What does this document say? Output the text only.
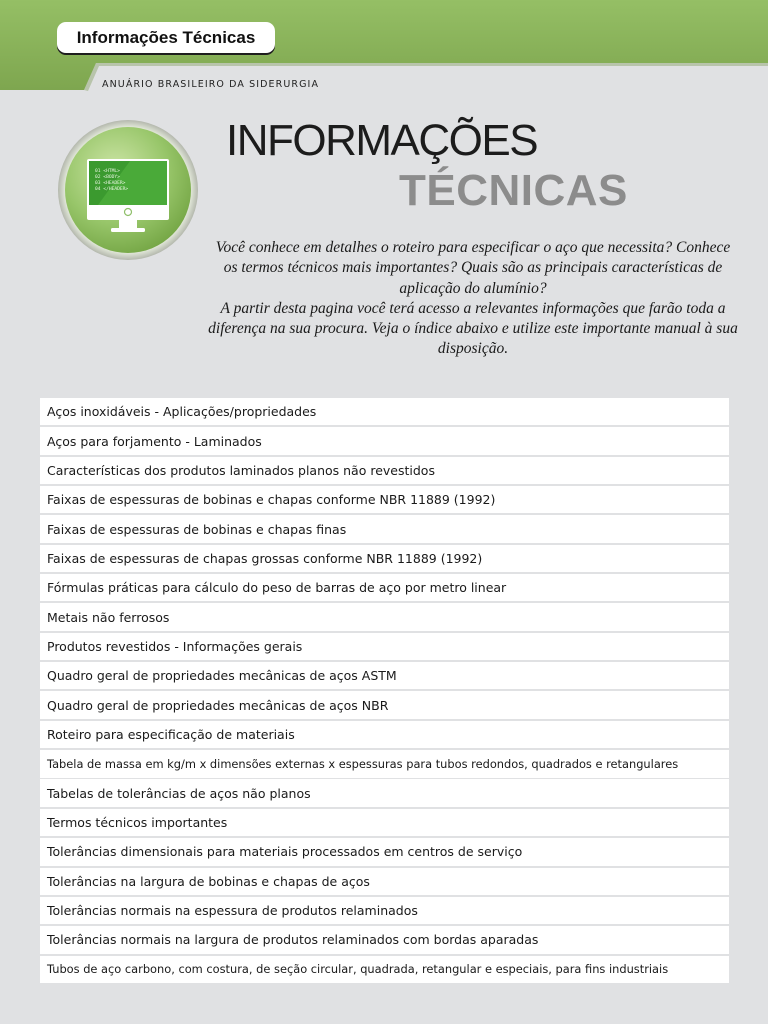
Informações Técnicas
ANUÁRIO BRASILEIRO DA SIDERURGIA
01 <HTML>
02 <BODY>
03 <HEADER>
04 </HEADER>
INFORMAÇÕES
TÉCNICAS

Você conhece em detalhes o roteiro para especificar o aço que necessita? Conhece os termos técnicos mais importantes? Quais são as principais características de aplicação do alumínio?

A partir desta pagina você terá acesso a relevantes informações que farão toda a diferença na sua procura. Veja o índice abaixo e utilize este importante manual à sua disposição.

Aços inoxidáveis - Aplicações/propriedades
Aços para forjamento - Laminados
Características dos produtos laminados planos não revestidos
Faixas de espessuras de bobinas e chapas conforme NBR 11889 (1992)
Faixas de espessuras de bobinas e chapas finas
Faixas de espessuras de chapas grossas conforme NBR 11889 (1992)
Fórmulas práticas para cálculo do peso de barras de aço por metro linear
Metais não ferrosos
Produtos revestidos - Informações gerais
Quadro geral de propriedades mecânicas de aços ASTM
Quadro geral de propriedades mecânicas de aços NBR
Roteiro para especificação de materiais
Tabela de massa em kg/m x dimensões externas x espessuras para tubos redondos, quadrados e retangulares
Tabelas de tolerâncias de aços não planos
Termos técnicos importantes
Tolerâncias dimensionais para materiais processados em centros de serviço
Tolerâncias na largura de bobinas e chapas de aços
Tolerâncias normais na espessura de produtos relaminados
Tolerâncias normais na largura de produtos relaminados com bordas aparadas
Tubos de aço carbono, com costura, de seção circular, quadrada, retangular e especiais, para fins industriais
